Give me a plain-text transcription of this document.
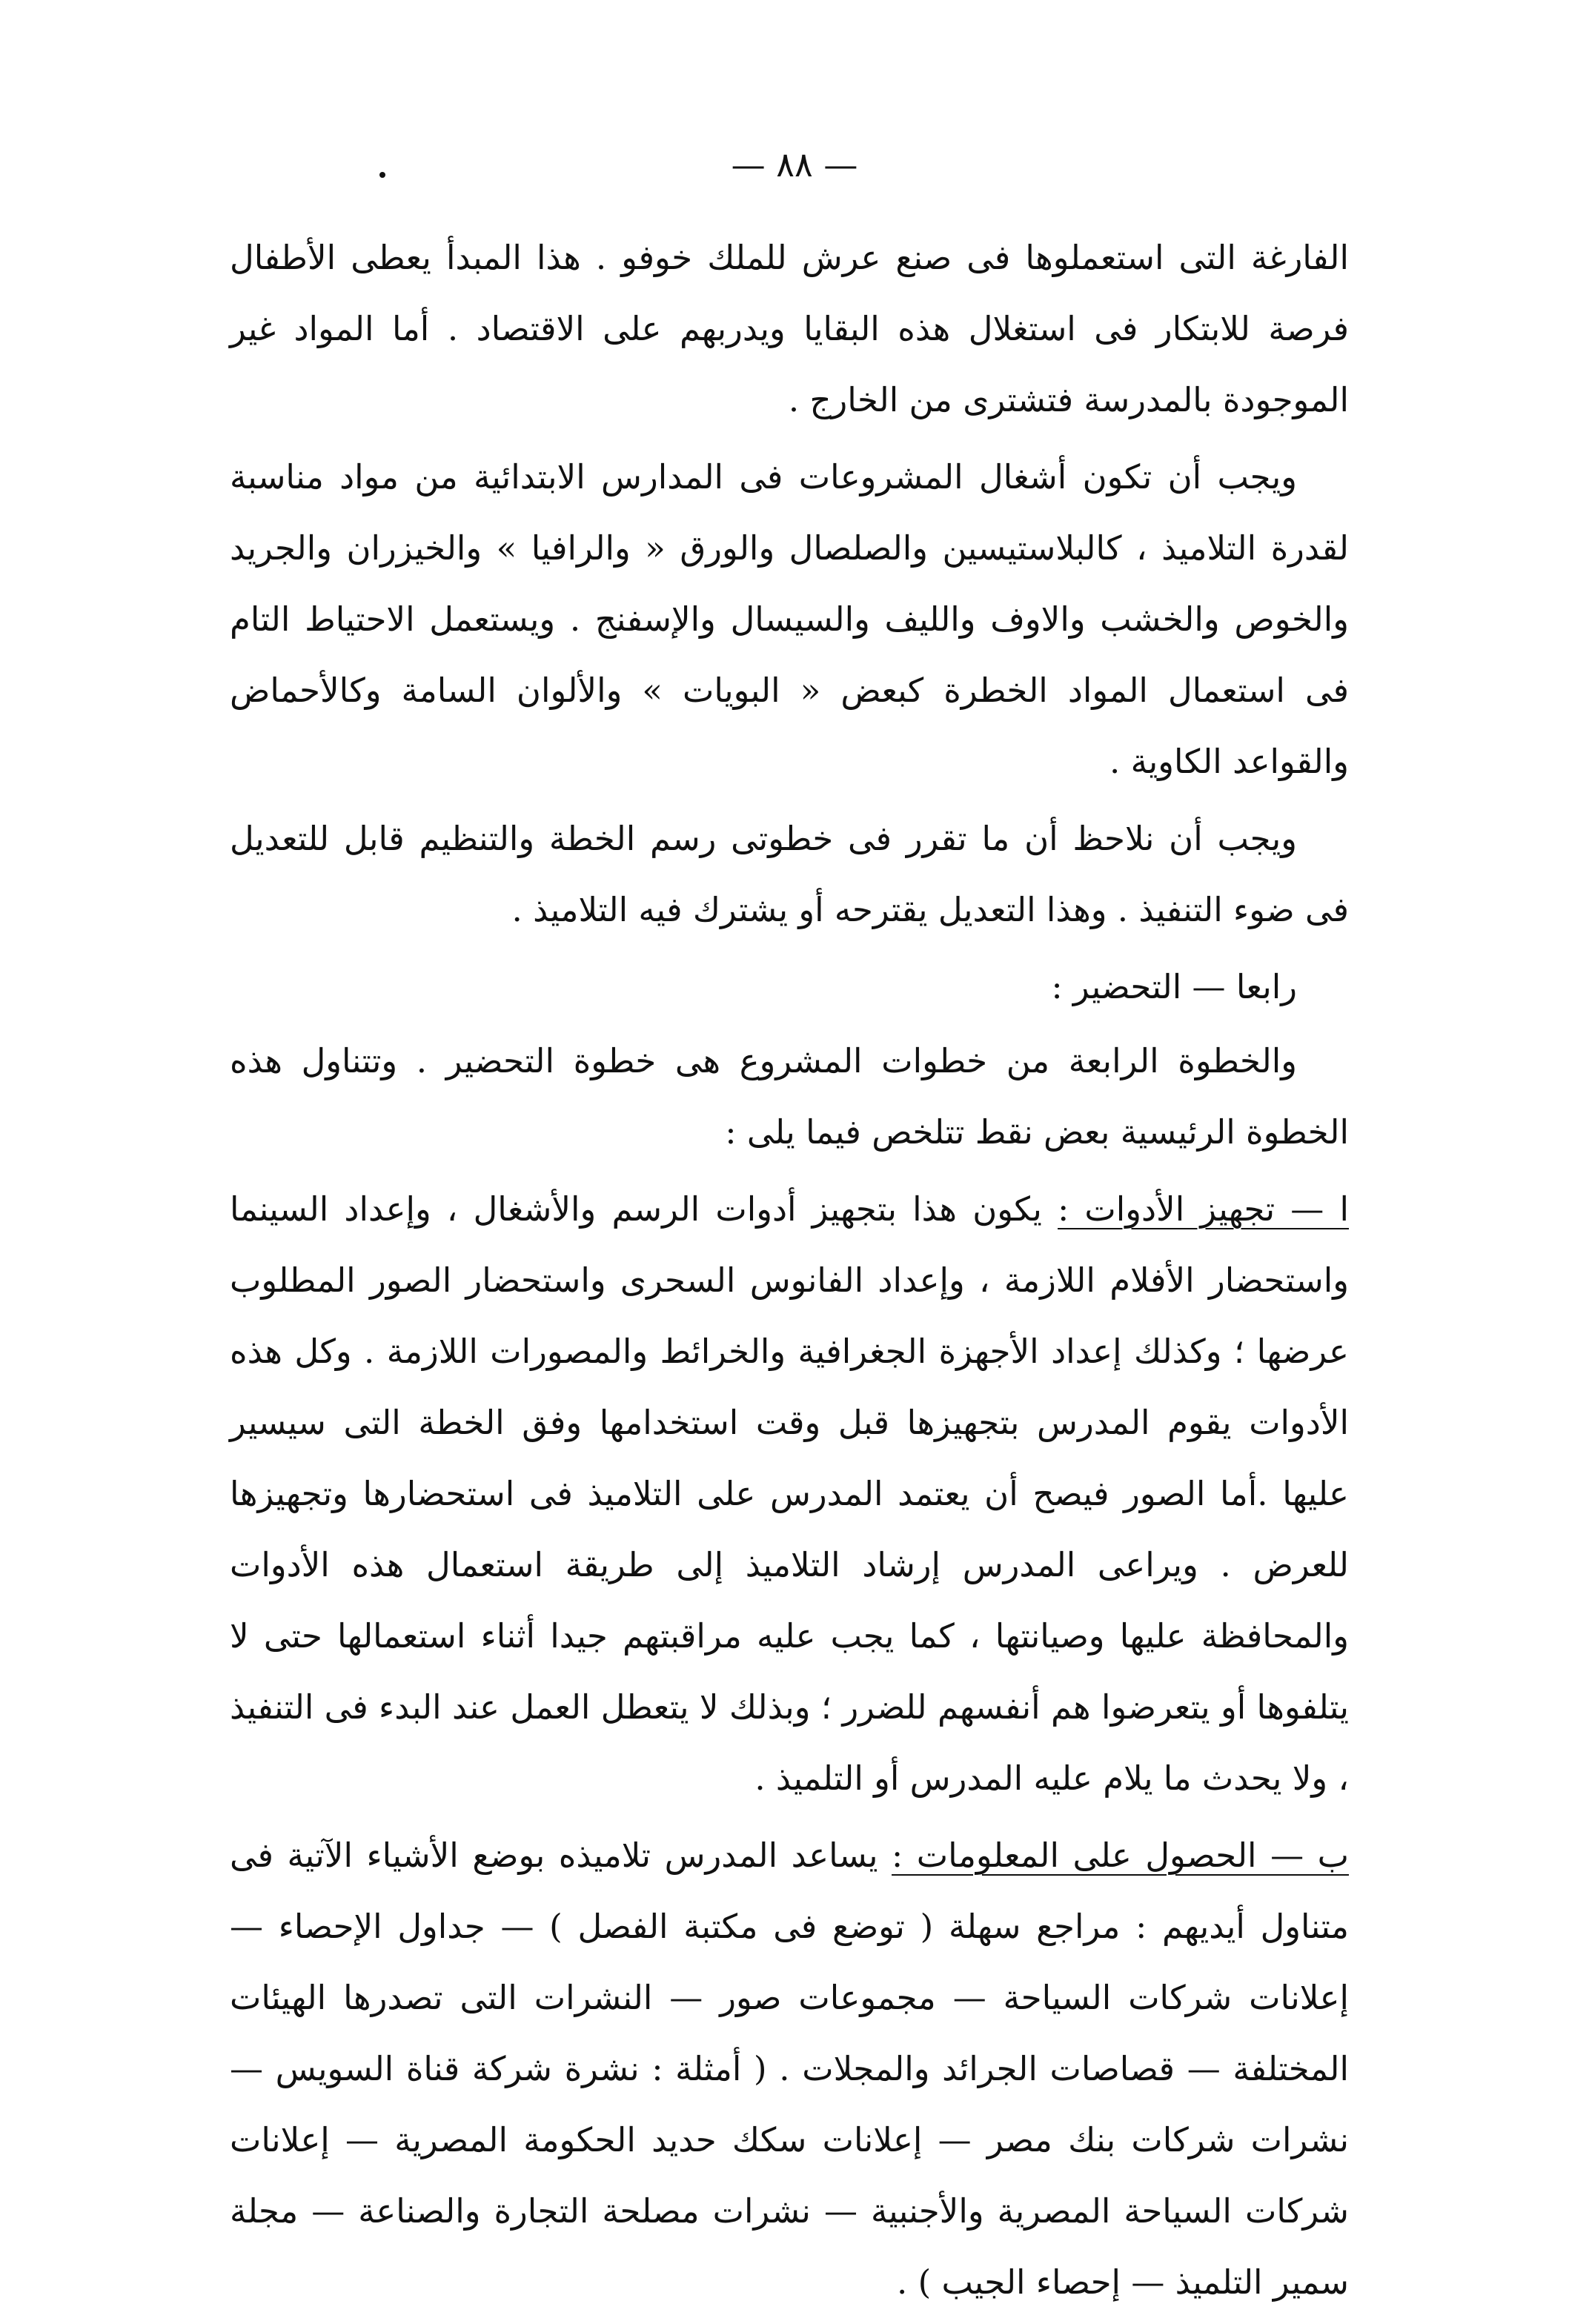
— ٨٨ —

الفارغة التى استعملوها فى صنع عرش للملك خوفو . هذا المبدأ يعطى الأطفال فرصة للابتكار فى استغلال هذه البقايا ويدربهم على الاقتصاد . أما المواد غير الموجودة بالمدرسة فتشترى من الخارج .

ويجب أن تكون أشغال المشروعات فى المدارس الابتدائية من مواد مناسبة لقدرة التلاميذ ، كالبلاستيسين والصلصال والورق « والرافيا » والخيزران والجريد والخوص والخشب والاوف والليف والسيسال والإسفنج . ويستعمل الاحتياط التام فى استعمال المواد الخطرة كبعض « البويات » والألوان السامة وكالأحماض والقواعد الكاوية .

ويجب أن نلاحظ أن ما تقرر فى خطوتى رسم الخطة والتنظيم قابل للتعديل فى ضوء التنفيذ . وهذا التعديل يقترحه أو يشترك فيه التلاميذ .

رابعا — التحضير :

والخطوة الرابعة من خطوات المشروع هى خطوة التحضير . وتتناول هذه الخطوة الرئيسية بعض نقط تتلخص فيما يلى :

ا — تجهيز الأدوات : يكون هذا بتجهيز أدوات الرسم والأشغال ، وإعداد السينما واستحضار الأفلام اللازمة ، وإعداد الفانوس السحرى واستحضار الصور المطلوب عرضها ؛ وكذلك إعداد الأجهزة الجغرافية والخرائط والمصورات اللازمة . وكل هذه الأدوات يقوم المدرس بتجهيزها قبل وقت استخدامها وفق الخطة التى سيسير عليها .أما الصور فيصح أن يعتمد المدرس على التلاميذ فى استحضارها وتجهيزها للعرض . ويراعى المدرس إرشاد التلاميذ إلى طريقة استعمال هذه الأدوات والمحافظة عليها وصيانتها ، كما يجب عليه مراقبتهم جيدا أثناء استعمالها حتى لا يتلفوها أو يتعرضوا هم أنفسهم للضرر ؛ وبذلك لا يتعطل العمل عند البدء فى التنفيذ ، ولا يحدث ما يلام عليه المدرس أو التلميذ .

ب — الحصول على المعلومات : يساعد المدرس تلاميذه بوضع الأشياء الآتية فى متناول أيديهم : مراجع سهلة ( توضع فى مكتبة الفصل ) — جداول الإحصاء — إعلانات شركات السياحة — مجموعات صور — النشرات التى تصدرها الهيئات المختلفة — قصاصات الجرائد والمجلات . ( أمثلة : نشرة شركة قناة السويس — نشرات شركات بنك مصر — إعلانات سكك حديد الحكومة المصرية — إعلانات شركات السياحة المصرية والأجنبية — نشرات مصلحة التجارة والصناعة — مجلة سمير التلميذ — إحصاء الجيب ) .
